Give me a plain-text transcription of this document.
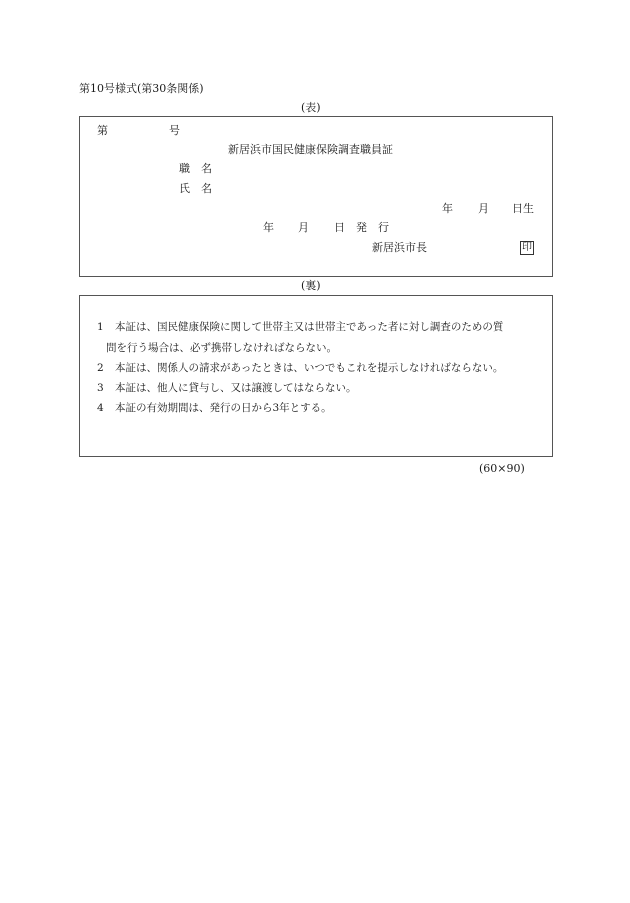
第10号様式(第30条関係)
(表)
第	号
新居浜市国民健康保険調査職員証
職　名
氏　名
年 月 日生
年 月 日 発　行
新居浜市長	印
(裏)
1 本証は、国民健康保険に関して世帯主又は世帯主であった者に対し調査のための質
問を行う場合は、必ず携帯しなければならない。
2 本証は、関係人の請求があったときは、いつでもこれを提示しなければならない。
3 本証は、他人に貸与し、又は譲渡してはならない。
4 本証の有効期間は、発行の日から3年とする。
(60×90)
